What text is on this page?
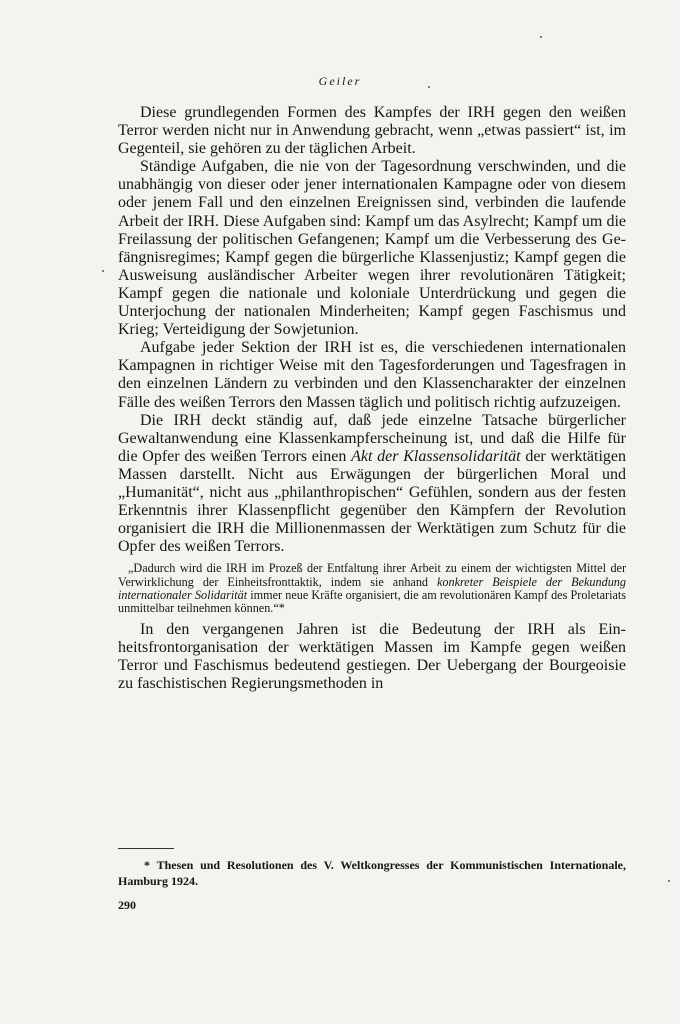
Geiler

Diese grundlegenden Formen des Kampfes der IRH gegen den weißen Terror werden nicht nur in Anwendung gebracht, wenn „etwas passiert“ ist, im Gegenteil, sie gehören zu der täglichen Arbeit.

Ständige Aufgaben, die nie von der Tagesordnung verschwinden, und die unabhängig von dieser oder jener internationalen Kampagne oder von diesem oder jenem Fall und den einzelnen Ereignissen sind, verbinden die laufende Arbeit der IRH. Diese Aufgaben sind: Kampf um das Asylrecht; Kampf um die Freilassung der politischen Gefangenen; Kampf um die Verbesserung des Gefängnisregimes; Kampf gegen die bürgerliche Klassenjustiz; Kampf gegen die Ausweisung ausländischer Arbeiter wegen ihrer revolutionären Tätigkeit; Kampf gegen die nationale und koloniale Unterdrückung und gegen die Unterjochung der nationalen Minderheiten; Kampf gegen Faschismus und Krieg; Verteidigung der Sowjetunion.

Aufgabe jeder Sektion der IRH ist es, die verschiedenen internationalen Kampagnen in richtiger Weise mit den Tagesforderungen und Tagesfragen in den einzelnen Ländern zu verbinden und den Klassencharakter der einzelnen Fälle des weißen Terrors den Massen täglich und politisch richtig aufzuzeigen.

Die IRH deckt ständig auf, daß jede einzelne Tatsache bürgerlicher Gewaltanwendung eine Klassenkampferscheinung ist, und daß die Hilfe für die Opfer des weißen Terrors einen Akt der Klassensolidarität der werktätigen Massen darstellt. Nicht aus Erwägungen der bürgerlichen Moral und „Humanität“, nicht aus „philanthropischen“ Gefühlen, sondern aus der festen Erkenntnis ihrer Klassenpflicht gegenüber den Kämpfern der Revolution organisiert die IRH die Millionenmassen der Werktätigen zum Schutz für die Opfer des weißen Terrors.

„Dadurch wird die IRH im Prozeß der Entfaltung ihrer Arbeit zu einem der wichtigsten Mittel der Verwirklichung der Einheitsfronttaktik, indem sie anhand konkreter Beispiele der Bekundung internationaler Solidarität immer neue Kräfte organisiert, die am revolutionären Kampf des Proletariats unmittelbar teilnehmen können.“*

In den vergangenen Jahren ist die Bedeutung der IRH als Einheitsfrontorganisation der werktätigen Massen im Kampfe gegen weißen Terror und Faschismus bedeutend gestiegen. Der Uebergang der Bourgeoisie zu faschistischen Regierungsmethoden in

* Thesen und Resolutionen des V. Weltkongresses der Kommunistischen Internationale, Hamburg 1924.
290
